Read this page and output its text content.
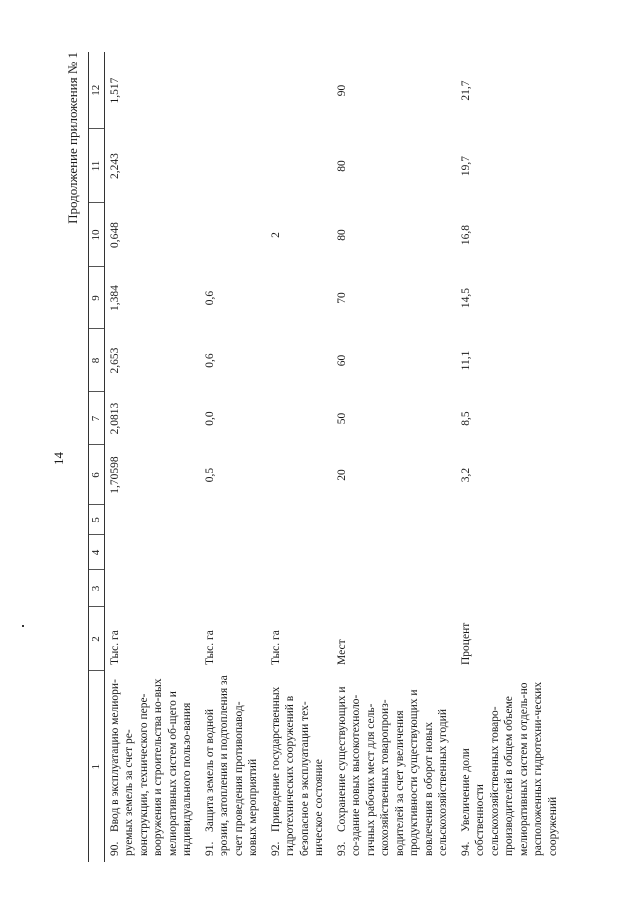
14
Продолжение приложения № 1
1	2	3	4	5	6	7	8	9	10	11	12
90.Ввод в эксплуатацию мелиори-руемых земель за счет ре-конструкции, технического пере-вооружения и строительства но-вых мелиоративных систем об-щего и индивидуального пользо-вания	Тыс. га				1,70598	2,0813	2,653	1,384	0,648	2,243	1,517
91.Защита земель от водной эрозии, затопления и подтопления за счет проведения противопавод-ковых мероприятий	Тыс. га				0,5	0,0	0,6	0,6			
92.Приведение государственных гидротехнических сооружений в безопасное в эксплуатации тех-ническое состояние	Тыс. га								2		
93.Сохранение существующих и со-здание новых высокотехноло-гичных рабочих мест для сель-скохозяйственных товаропроиз-водителей за счет увеличения продуктивности существующих и вовлечения в оборот новых сельскохозяйственных угодий	Мест				20	50	60	70	80	80	90
94.Увеличение доли собственности сельскохозяйственных товаро-производителей в общем объеме мелиоративных систем и отдель-но расположенных гидротехни-ческих сооружений	Процент				3,2	8,5	11,1	14,5	16,8	19,7	21,7
